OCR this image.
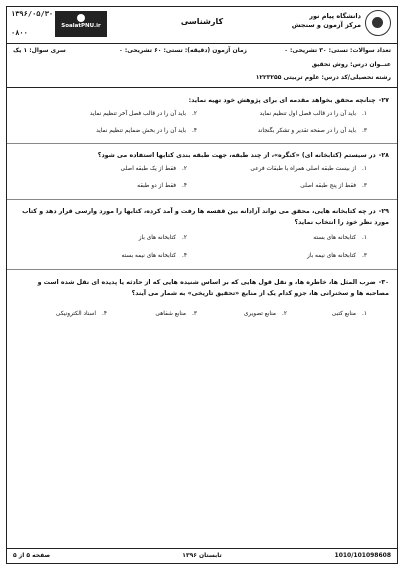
دانشگاه پیام نور
مرکز آزمون و سنجش
کارشناسی
۱۳۹۶/۰۵/۳۰
۰۸۰۰
SoalatPNU.ir
تعداد سوالات: تستی: ۳۰ تشریحی: ۰
زمان آزمون (دقیقه): تستی: ۶۰ تشریحی: ۰
سری سوال: ۱ یک
عنــوان درس: روش تحقیق
رشته تحصیلی/کد درس: علوم تربیتی ۱۲۲۳۲۵۵
۲۷-چنانچه محقق بخواهد مقدمه ای برای پژوهش خود تهیه نماید:
۱.باید آن را در قالب فصل اول تنظیم نماید
۲.باید آن را در قالب فصل آخر تنظیم نماید
۳.باید آن را در صفحه تقدیر و تشکر بگنجاند
۴.باید آن را در بخش ضمایم تنظیم نماید
۲۸-در سیستم (کتابخانه ای) «کنگره»، از چند طبقه، جهت طبقه بندی کتابها استفاده می شود؟
۱.از بیست طبقه اصلی همراه با طبقات فرعی
۲.فقط از یک طبقه اصلی
۳.فقط از پنج طبقه اصلی
۴.فقط از دو طبقه
۲۹-در چه کتابخانه هایی، محقق می تواند آزادانه بین قفسه ها رفت و آمد کرده، کتابها را مورد وارسی قرار دهد و کتاب مورد نظر خود را انتخاب نماید؟
۱.کتابخانه های بسته
۲.کتابخانه های باز
۳.کتابخانه های نیمه باز
۴.کتابخانه های نیمه بسته
۳۰-ضرب المثل ها، خاطره ها، و نقل قول هایی که بر اساس شنیده هایی که از حادثه یا پدیده ای نقل شده است و مصاحبه ها و سخنرانی ها، جزو کدام یک از منابع «تحقیق تاریخی» به شمار می آیند؟
۱.منابع کتبی
۲.منابع تصویری
۳.منابع شفاهی
۴.اسناد الکترونیکی
1010/101098608
تابستان ۱۳۹۶
صفحه ۵ از ۵
